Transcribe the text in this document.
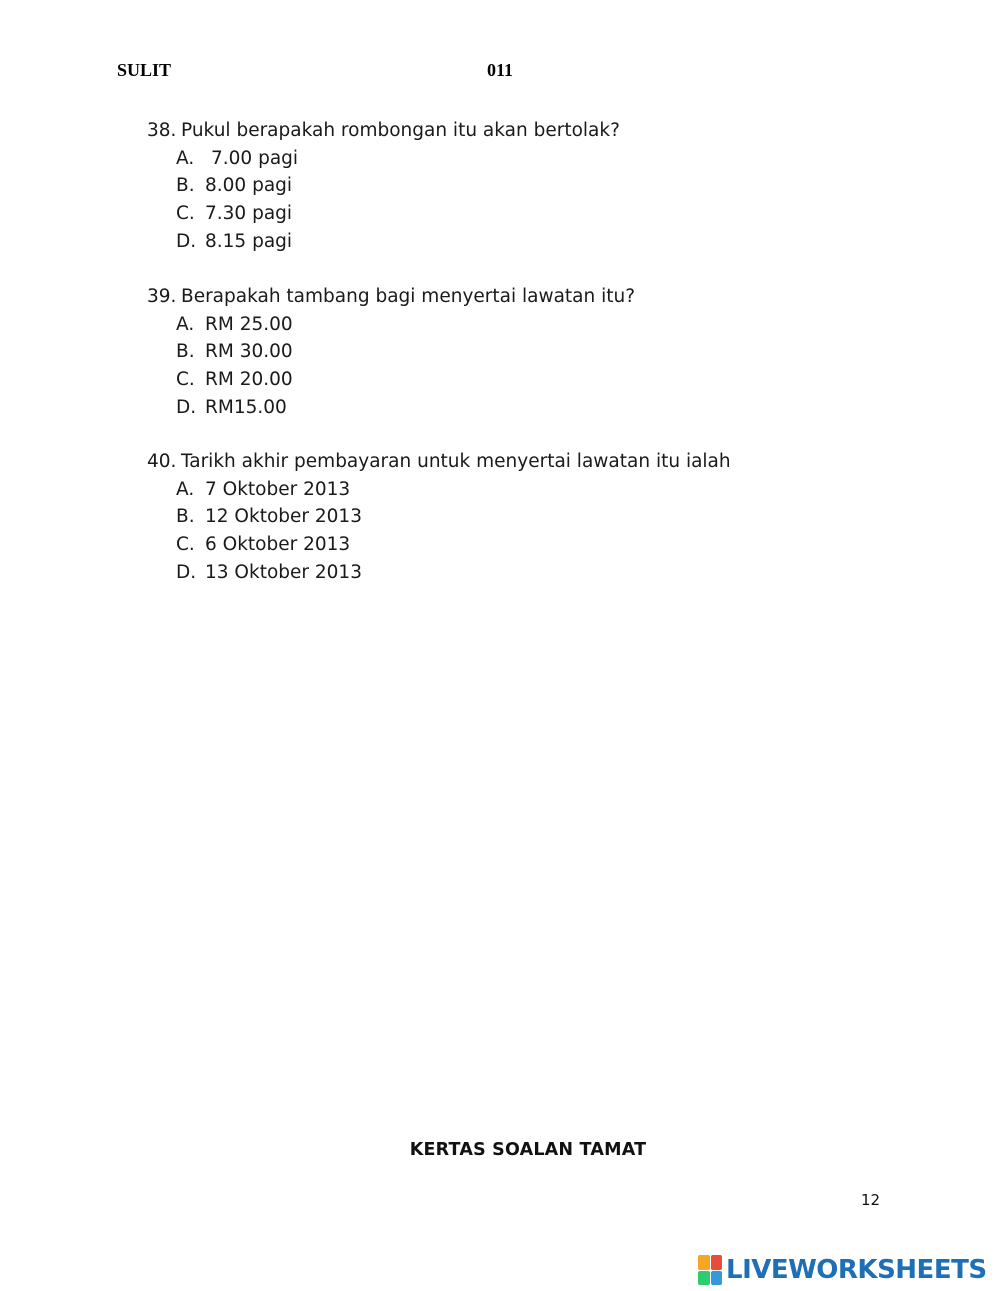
SULIT	011
38. Pukul berapakah rombongan itu akan bertolak?
A. 7.00 pagi
B. 8.00 pagi
C. 7.30 pagi
D. 8.15 pagi
39. Berapakah tambang bagi menyertai lawatan itu?
A. RM 25.00
B. RM 30.00
C. RM 20.00
D. RM15.00
40. Tarikh akhir pembayaran untuk menyertai lawatan itu ialah
A. 7 Oktober 2013
B. 12 Oktober 2013
C. 6 Oktober 2013
D. 13 Oktober 2013
KERTAS SOALAN TAMAT
12
LIVEWORKSHEETS
